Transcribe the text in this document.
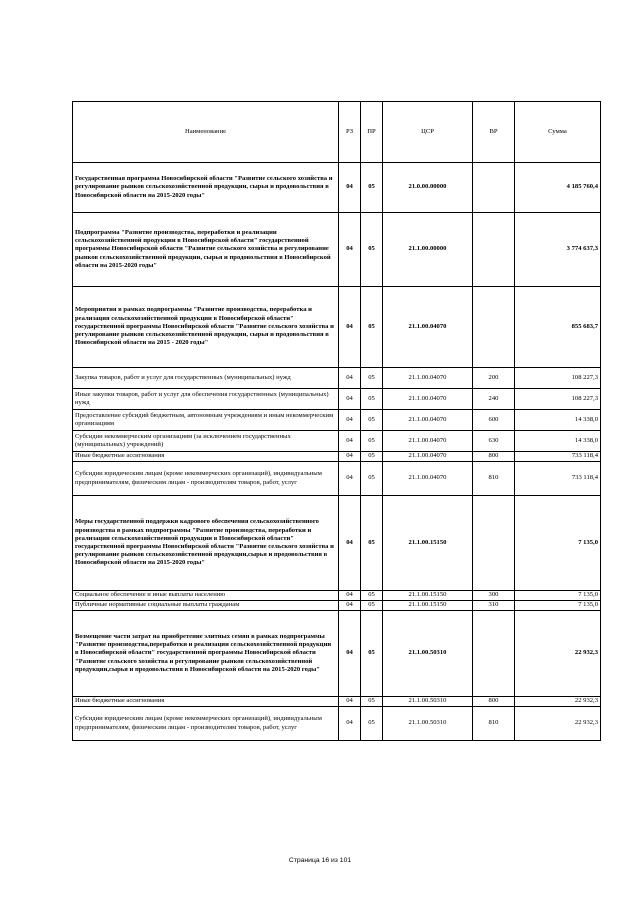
Наименование	РЗ	ПР	ЦСР	ВР	Сумма
Государственная программа Новосибирской области "Развитие сельского хозяйства и регулирование рынков сельскохозяйственной продукции, сырья и продовольствия в Новосибирской области на 2015-2020 годы"	04	05	21.0.00.00000		4 185 760,4
Подпрограмма "Развитие производства, переработки и реализации сельскохозяйственной продукции в Новосибирской области" государственной программы Новосибирской области "Развитие сельского хозяйства и регулирование рынков сельскохозяйственной продукции, сырья и продовольствия в Новосибирской области на 2015-2020 годы"	04	05	21.1.00.00000		3 774 637,3
Мероприятия в рамках подпрограммы "Развитие производства, переработка и реализация сельскохозяйственной продукции в Новосибирской области" государственной программы Новосибирской области "Развитие сельского хозяйства и регулирование рынков сельскохозяйственной продукции, сырья и продовольствия в Новосибирской области на 2015 - 2020 годы"	04	05	21.1.00.04070		855 683,7
Закупка товаров, работ и услуг для государственных (муниципальных) нужд	04	05	21.1.00.04070	200	108 227,3
Иные закупки товаров, работ и услуг для обеспечения государственных (муниципальных) нужд	04	05	21.1.00.04070	240	108 227,3
Предоставление субсидий бюджетным, автономным учреждениям и иным некоммерческим организациям	04	05	21.1.00.04070	600	14 338,0
Субсидии некоммерческим организациям (за исключением государственных (муниципальных) учреждений)	04	05	21.1.00.04070	630	14 338,0
Иные бюджетные ассигнования	04	05	21.1.00.04070	800	733 118,4
Субсидии юридическим лицам (кроме некоммерческих организаций), индивидуальным предпринимателям, физическим лицам - производителям товаров, работ, услуг	04	05	21.1.00.04070	810	733 118,4
Меры государственной поддержки кадрового обеспечения сельскохозяйственного производства в рамках подпрограммы "Развитие производства, переработки и реализации сельскохозяйственной продукции в Новосибирской области" государственной программы Новосибирской области "Развитие сельского хозяйства и регулирование рынков сельскохозяйственной продукции,сырья и продовольствия в Новосибирской области на 2015-2020 годы"	04	05	21.1.00.15150		7 135,0
Социальное обеспечение и иные выплаты населению	04	05	21.1.00.15150	300	7 135,0
Публичные нормативные социальные выплаты гражданам	04	05	21.1.00.15150	310	7 135,0
Возмещение части затрат на приобретение элитных семян в рамках подпрограммы "Развитие производства,переработки и реализации сельскохозяйственной продукции в Новосибирской области" государственной программы Новосибирской области "Развитие сельского хозяйства и регулирование рынков сельскохозяйственной продукции,сырья и продовольствия в Новосибирской области на 2015-2020 годы"	04	05	21.1.00.50310		22 932,3
Иные бюджетные ассигнования	04	05	21.1.00.50310	800	22 932,3
Субсидии юридическим лицам (кроме некоммерческих организаций), индивидуальным предпринимателям, физическим лицам - производителям товаров, работ, услуг	04	05	21.1.00.50310	810	22 932,3
Страница 16 из 101
